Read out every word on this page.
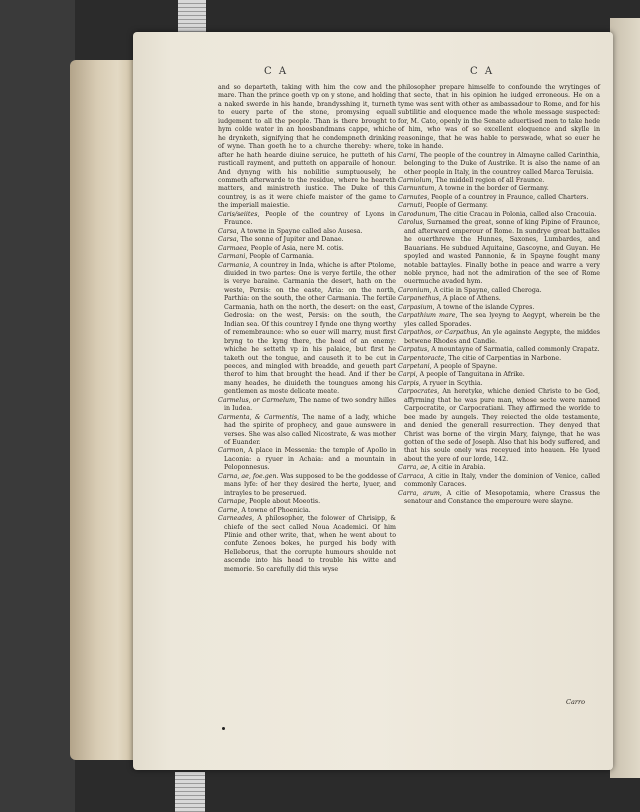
C A	C A
and so departeth, taking with him the cow and the mare. Than the prince goeth vp on y stone, and holding a naked swerde in his hande, brandysshing it, turneth to euery parte of the stone, promysing equall iudgement to all the people. Than is there brought to hym colde water in an hoosbandmans cappe, whiche he drynketh, signifying that he condempneth drinking of wyne. Than goeth he to a churche thereby: where, after he hath hearde diuine seruice, he putteth of his rusticall rayment, and putteth on apparaile of honour. And dynyng with his nobilitie sumptuousely, he commeth afterwarde to the residue, where he heareth matters, and ministreth iustice. The Duke of this countrey, is as it were chiefe maister of the game to the imperiall maiestie.
Caris/seiites, People of the countrey of Lyons in Fraunce.
Carsa, A towne in Spayne called also Ausesa.
Carsa, The sonne of Jupiter and Danae.
Carmaea, People of Asia, nere M. cotis.
Carmani, People of Carmania.
Carmania, A countrey in Inda, whiche is after Ptolome, diuided in two partes: One is verye fertile, the other is verye baraine. Carmania the desert, hath on the weste, Persis: on the easte, Aria: on the north, Parthia: on the south, the other Carmania. The fertile Carmania, hath on the north, the desert: on the east, Gedrosia: on the west, Persis: on the south, the Indian sea. Of this countrey I fynde one thyng worthy of remembraunce: who so euer will marry, must first bryng to the kyng there, the head of an enemy: whiche he setteth vp in his palaice, but first he taketh out the tongue, and causeth it to be cut in peeces, and mingled with breadde, and geueth part therof to him that brought the head. And if ther be many heades, he diuideth the toungues among his gentlemen as moste delicate meate.
Carmelus, or Carmelum, The name of two sondry hilles in Iudea.
Carmenta, & Carmentis, The name of a lady, whiche had the spirite of prophecy, and gaue aunswere in verses. She was also called Nicostrate, & was mother of Euander.
Carmon, A place in Messenia: the temple of Apollo in Laconia: a ryuer in Achaia: and a mountain in Peloponnesus.
Carna, ae, foe.gen. Was supposed to be the goddesse of mans lyfe: of her they desired the herte, lyuer, and intrayles to be preserued.
Carnape, People about Moeotis.
Carne, A towne of Phoenicia.
Carneades, A philosopher, the folower of Chrisipp, & chiefe of the sect called Noua Academici. Of him Plinie and other write, that, when he went about to confute Zenoes bokes, he purged his body with Helleborus, that the corrupte humours shoulde not ascende into his head to trouble his witte and memorie. So carefully did this wyse
philosopher prepare himselfe to confounde the wrytinges of that secte, that in his opinion he iudged erroneous. He on a tyme was sent with other as ambassadour to Rome, and for his subtilitie and eloquence made the whole message suspected: for, M. Cato, openly in the Senate aduertised men to take hede of him, who was of so excellent eloquence and skylle in reasoninge, that he was hable to perswade, what so euer he toke in hande.
Carni, The people of the countrey in Almayne called Carinthia, belonging to the Duke of Austrike. It is also the name of an other people in Italy, in the countrey called Marca Teruisia.
Carniolum, The middell region of all Fraunce.
Carnuntum, A towne in the border of Germany.
Carnutes, People of a countrey in Fraunce, called Charters.
Carnuti, People of Germany.
Carodunum, The citie Cracau in Polonia, called also Cracouia.
Carolus, Surnamed the great, sonne of king Pipine of Fraunce, and afterward emperour of Rome. In sundrye great battailes he ouerthrewe the Hunnes, Saxones, Lumbardes, and Bauarians. He subdued Aquitaine, Gascoyne, and Guyan. He spoyled and wasted Pannonie, & in Spayne fought many notable battayles. Finally bothe in peace and warre a very noble prynce, had not the admiration of the see of Rome ouermuche avaded hym.
Caronium, A citie in Spayne, called Cheroga.
Carpanethus, A place of Athens.
Carpasium, A towne of the islande Cypres.
Carpathium mare, The sea lyeyng to Aegypt, wherein be the yles called Sporades.
Carpathos, or Carpathus, An yle againste Aegypte, the middes betwene Rhodes and Candie.
Carpatus, A mountayne of Sarmatia, called commonly Crapatz.
Carpentoracte, The citie of Carpentias in Narbone.
Carpetani, A people of Spayne.
Carpi, A people of Tanguitana in Afrike.
Carpis, A ryuer in Scythia.
Carpocrates, An heretyke, whiche denied Christe to be God, affyrming that he was pure man, whose secte were named Carpocratite, or Carpocratiani. They affirmed the worlde to bee made by aungels. They reiected the olde testamente, and denied the generall resurrection. They denyed that Christ was borne of the virgin Mary, faiynge, that he was gotten of the sede of Joseph. Also that his body suffered, and that his soule onely was receyued into heauen. He lyued about the yere of our lorde, 142.
Carra, ae, A citie in Arabia.
Carraca, A citie in Italy, vnder the dominion of Venice, called commonly Caraces.
Carra, arum, A citie of Mesopotamia, where Crassus the senatour and Constance the emperoure were slayne.
Carro
